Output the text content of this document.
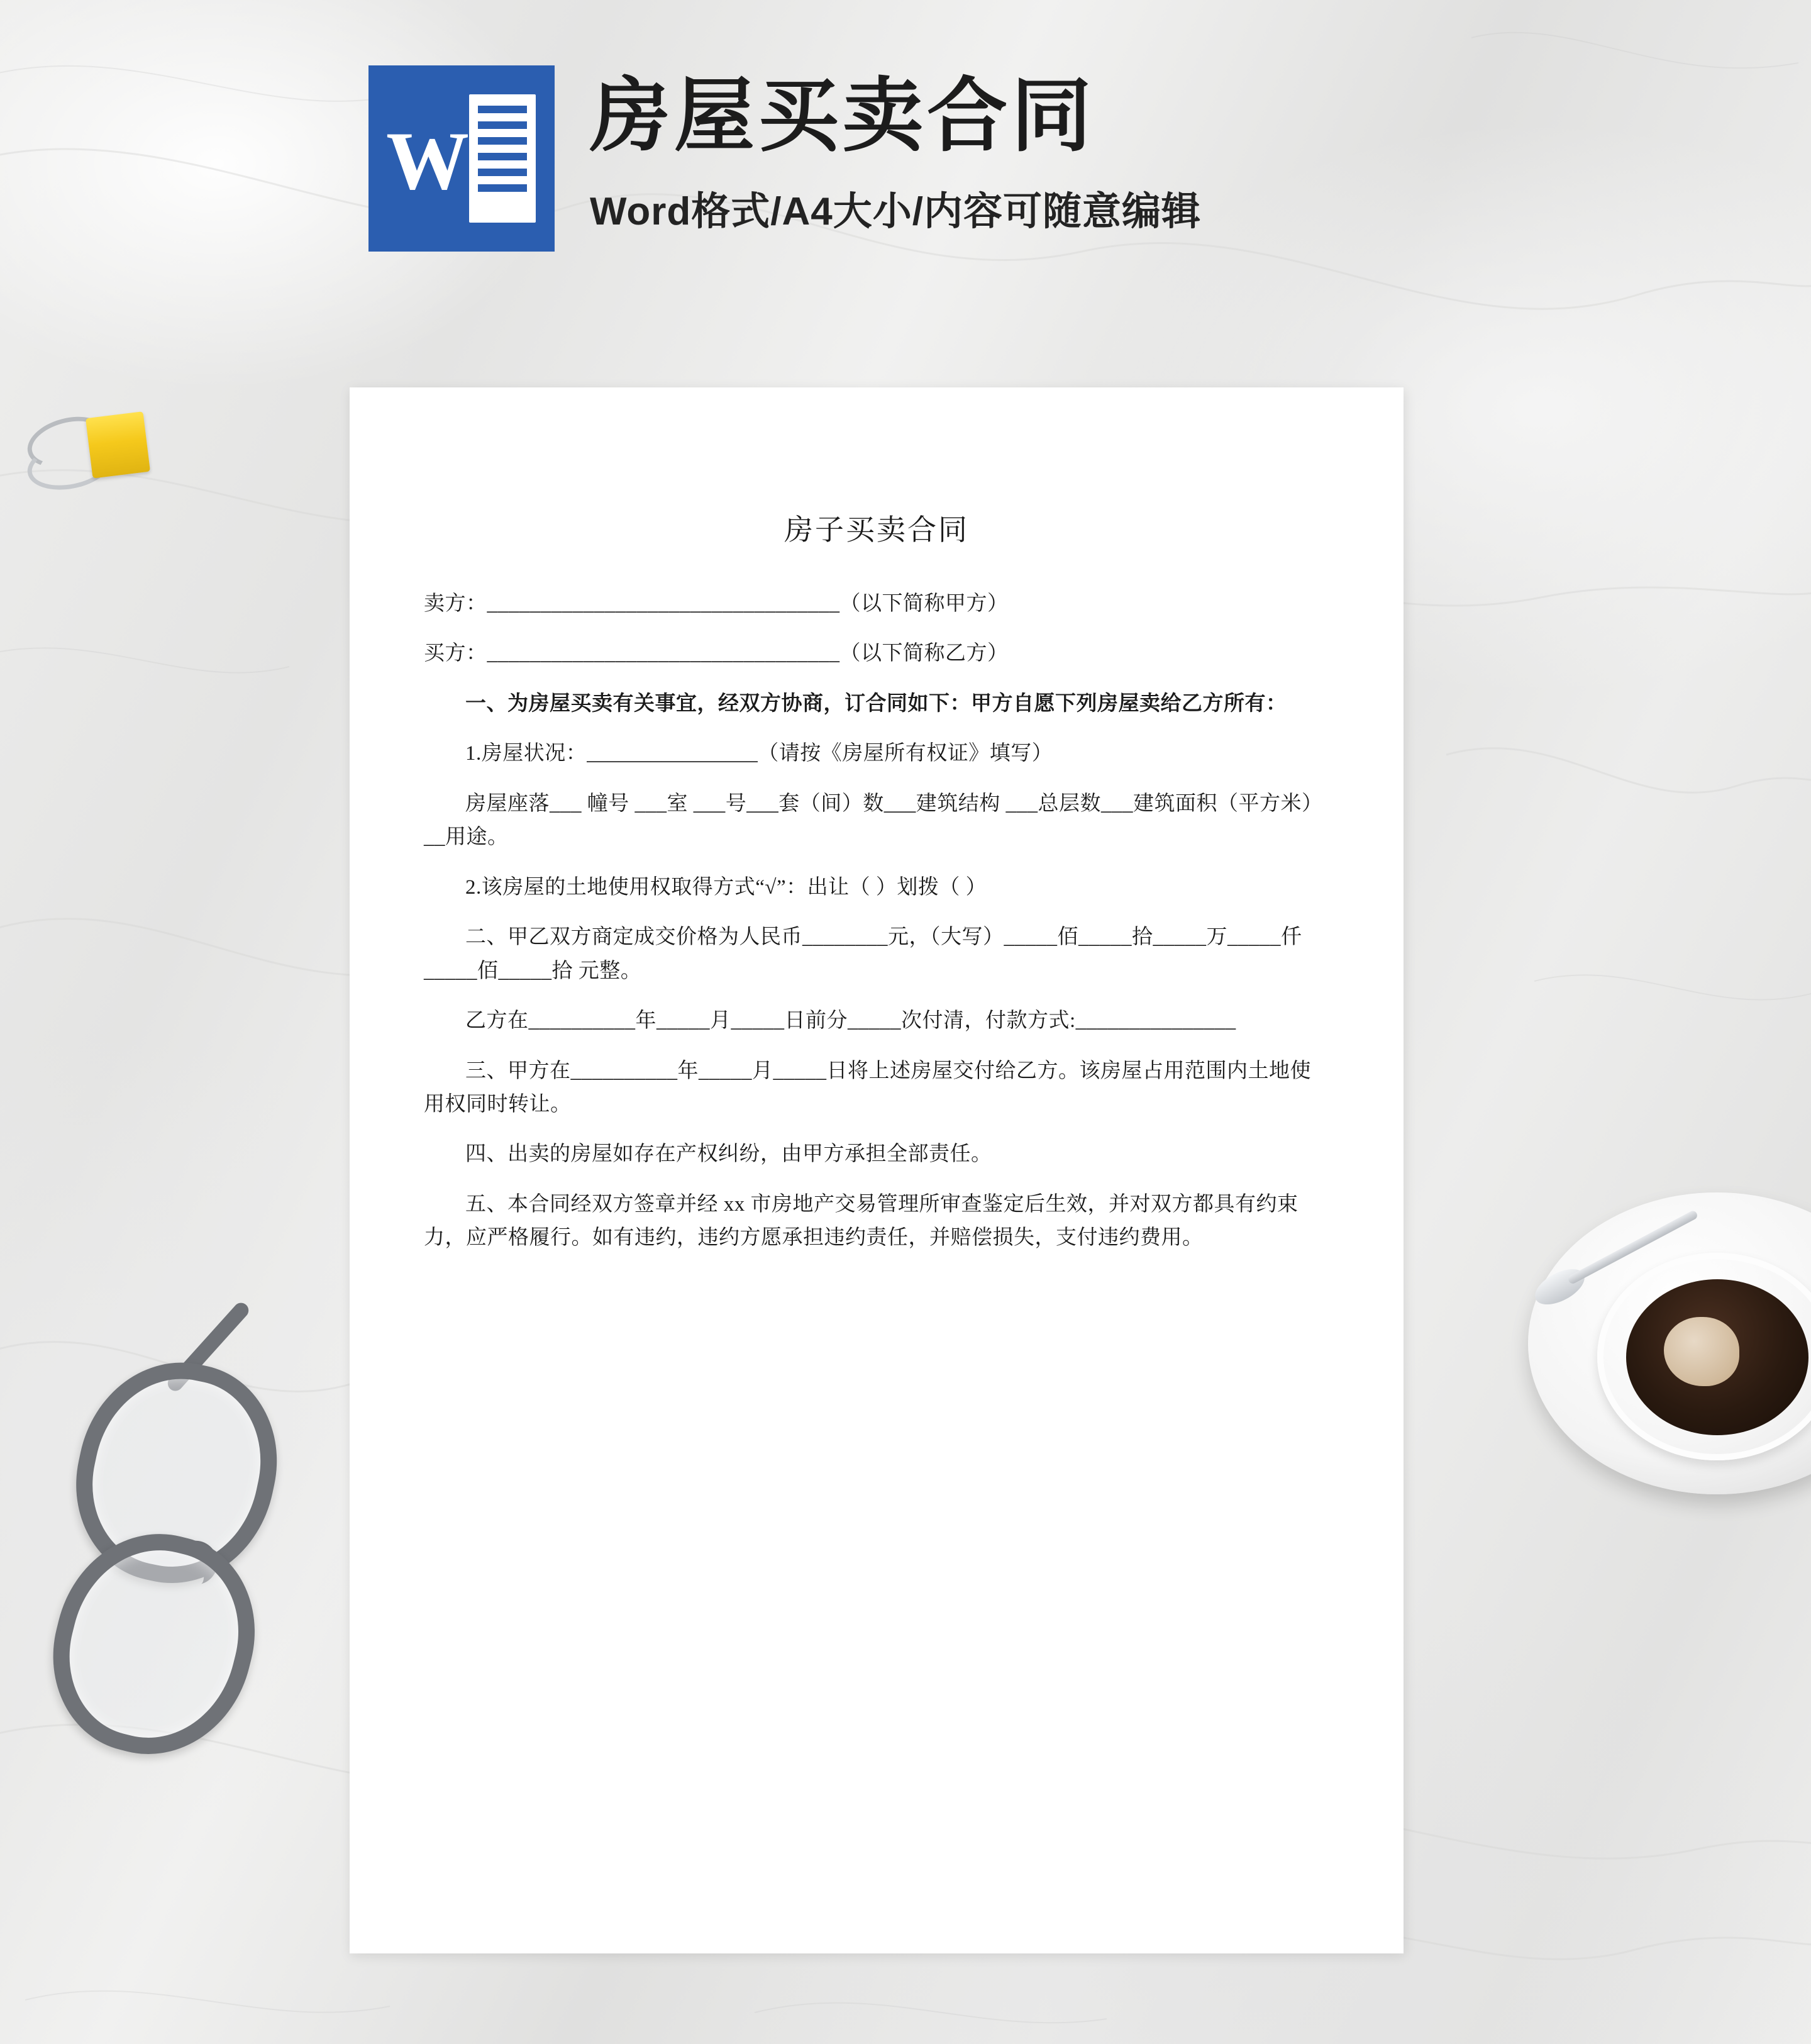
W 房屋买卖合同
Word格式/A4大小/内容可随意编辑
房子买卖合同

卖方：_________________________________（以下简称甲方）

买方：_________________________________（以下简称乙方）

一、为房屋买卖有关事宜，经双方协商，订合同如下：甲方自愿下列房屋卖给乙方所有：

1.房屋状况：________________（请按《房屋所有权证》填写）

房屋座落___ 幢号 ___室 ___号___套（间）数___建筑结构 ___总层数___建筑面积（平方米）__用途。

2.该房屋的土地使用权取得方式“√”：出让（ ）划拨（ ）

二、甲乙双方商定成交价格为人民币________元，（大写）_____佰_____拾_____万_____仟_____佰_____拾 元整。

乙方在__________年_____月_____日前分_____次付清，付款方式:_______________

三、甲方在__________年_____月_____日将上述房屋交付给乙方。该房屋占用范围内土地使用权同时转让。

四、出卖的房屋如存在产权纠纷，由甲方承担全部责任。

五、本合同经双方签章并经 xx 市房地产交易管理所审查鉴定后生效，并对双方都具有约束力，应严格履行。如有违约，违约方愿承担违约责任，并赔偿损失，支付违约费用。
